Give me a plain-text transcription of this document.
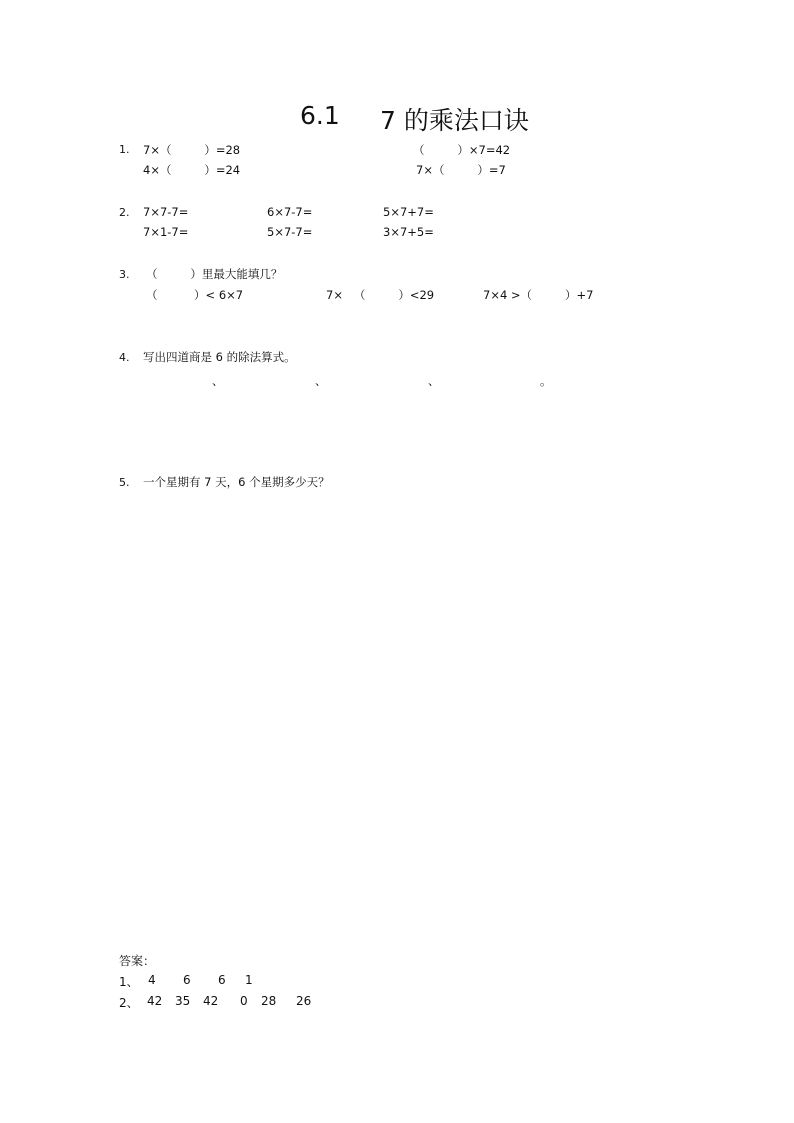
6.1

7 的乘法口诀

1. 7×（         ）=28	（         ）×7=42
4×（         ）=24	7×（         ）=7
2. 7×7-7=	6×7-7=	5×7+7=
7×1-7=	5×7-7=	3×7+5=
3. （         ）里最大能填几？
（          ）< 6×7	7×   （         ）<29	7×4 >（         ）+7
4. 写出四道商是 6 的除法算式。
、	、	、	。
5. 一个星期有 7 天，6 个星期多少天？
答案：
1、 4 6 6 1
2、 42 35 42 0 28 26
